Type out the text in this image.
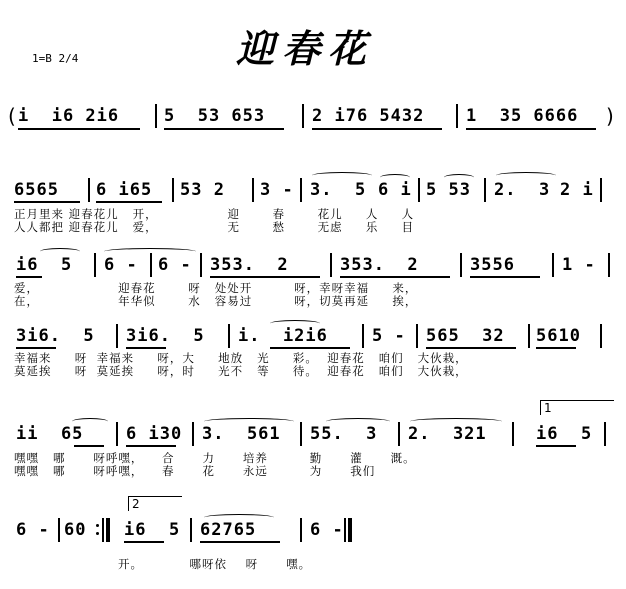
迎春花
1=B 2/4
( i  i6 2i6	5  53 653	2 i76 5432 1  35 6666 )
6565 6 i65 53 2 3 - 3.  5 6 i 5 53 2.  3 2 i
正月里来 迎春花儿   开，               迎       春       花儿     人     人
人人都把 迎春花儿   爱，               无       愁       无虑     乐     目
i6  5 6 - 6 - 353.  2	353.  2	3556	1 -
爱，                 迎春花       呀   处处开         呀，幸呀幸福     来，
在，                 年华似       水   容易过         呀，切莫再延     挨，
3i6.  5 3i6.  5 i.  i2i6	5 - 565  32 5610
幸福来     呀  幸福来     呀，大     地放   光     彩。  迎春花   咱们   大伙栽，
莫延挨     呀  莫延挨     呀，时     光不   等     待。  迎春花   咱们   大伙栽，
ii  65	6 i30 3.  561 55.  3 2.  321	i6  5
1
嘿嘿   哪      呀呼嘿，    合      力      培养         勤      灌      溉。
嘿嘿   哪      呀呼嘿，    春      花      永远         为      我们
6 - 60 i6  5 62765	6 -
2
开。          哪呀依    呀      嘿。
